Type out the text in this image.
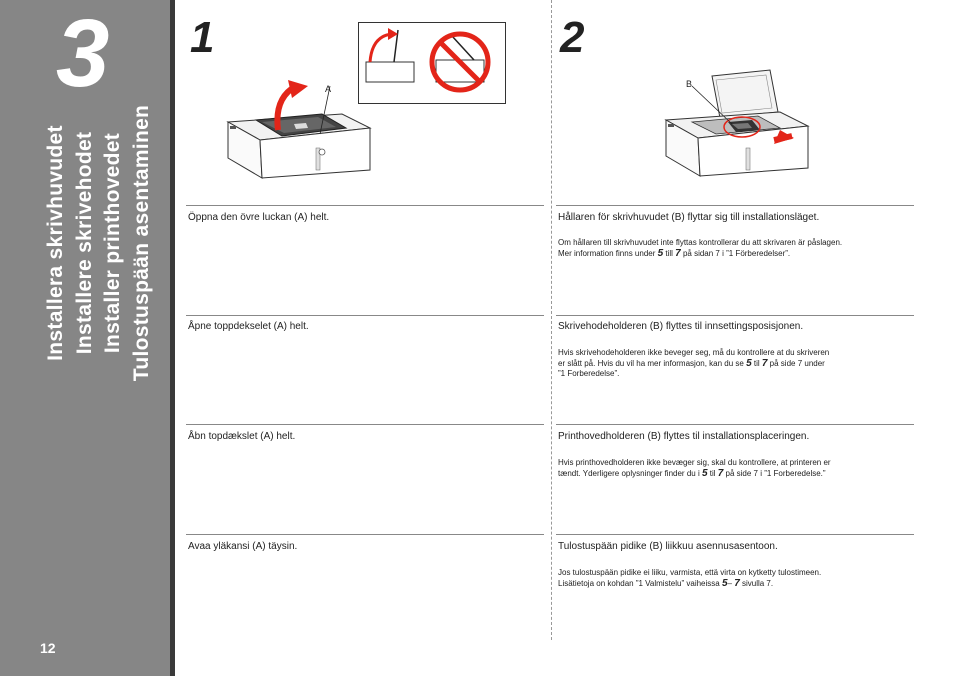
3
Installera skrivhuvudet Installere skrivehodet Installer printhovedet Tulostuspään asentaminen
12
1	2
A	B
Öppna den övre luckan (A) helt.
Åpne toppdekselet (A) helt.
Åbn topdækslet (A) helt.
Avaa yläkansi (A) täysin.
Hållaren för skrivhuvudet (B) flyttar sig till installationsläget.
Skrivehodeholderen (B) flyttes til innsettingsposisjonen.
Printhovedholderen (B) flyttes til installationsplaceringen.
Tulostuspään pidike (B) liikkuu asennusasentoon.
Om hållaren till skrivhuvudet inte flyttas kontrollerar du att skrivaren är påslagen.
Mer information finns under 5 till 7 på sidan 7 i ”1 Förberedelser”.
Hvis skrivehodeholderen ikke beveger seg, må du kontrollere at du skriveren
er slått på. Hvis du vil ha mer informasjon, kan du se 5 til 7 på side 7 under
”1 Forberedelse”.
Hvis printhovedholderen ikke bevæger sig, skal du kontrollere, at printeren er
tændt. Yderligere oplysninger finder du i 5 til 7 på side 7 i ”1 Forberedelse.”
Jos tulostuspään pidike ei liiku, varmista, että virta on kytketty tulostimeen.
Lisätietoja on kohdan ”1 Valmistelu” vaiheissa 5– 7 sivulla 7.
